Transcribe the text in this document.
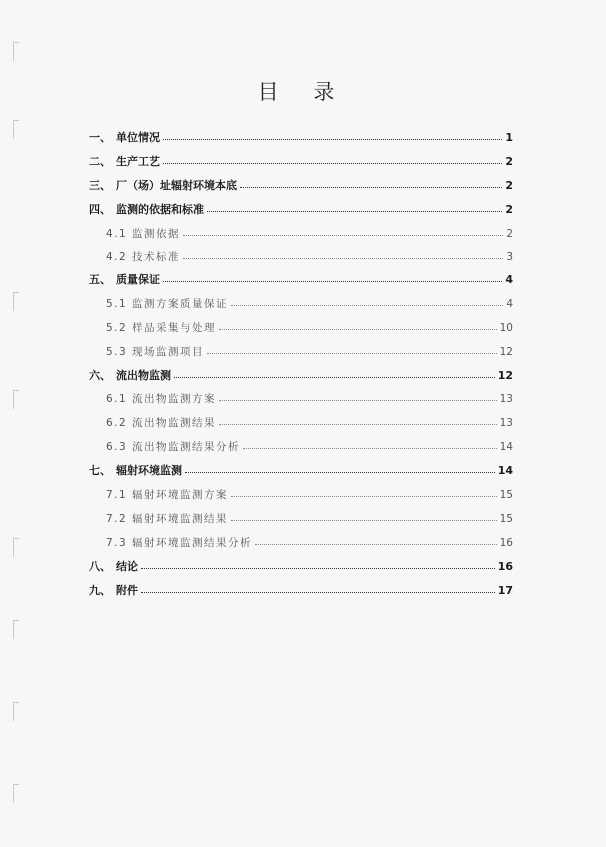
目 录
一、 单位情况	1
二、 生产工艺	2
三、 厂（场）址辐射环境本底	2
四、 监测的依据和标准	2
4.1 监测依据	2
4.2 技术标准	3
五、 质量保证	4
5.1 监测方案质量保证	4
5.2 样品采集与处理	10
5.3 现场监测项目	12
六、 流出物监测	12
6.1 流出物监测方案	13
6.2 流出物监测结果	13
6.3 流出物监测结果分析	14
七、 辐射环境监测	14
7.1 辐射环境监测方案	15
7.2 辐射环境监测结果	15
7.3 辐射环境监测结果分析	16
八、 结论	16
九、 附件	17
